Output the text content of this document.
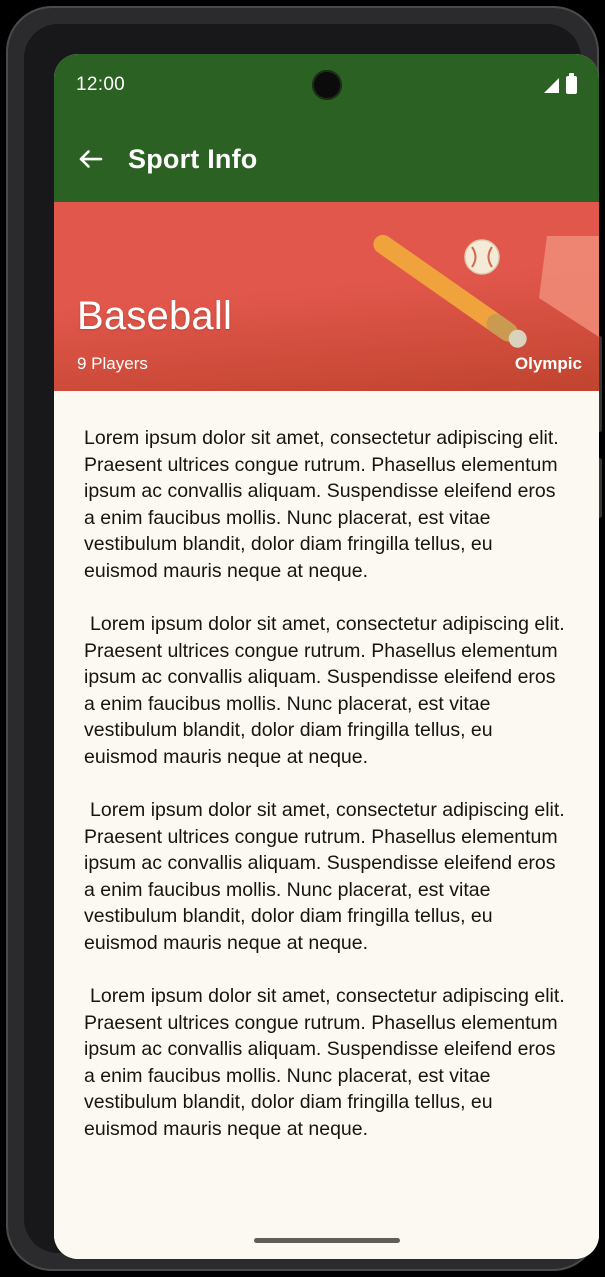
12:00
Sport Info
Baseball
9 Players	Olympic

Lorem ipsum dolor sit amet, consectetur adipiscing elit. Praesent ultrices congue rutrum. Phasellus elementum ipsum ac convallis aliquam. Suspendisse eleifend eros a enim faucibus mollis. Nunc placerat, est vitae vestibulum blandit, dolor diam fringilla tellus, eu euismod mauris neque at neque.

Lorem ipsum dolor sit amet, consectetur adipiscing elit. Praesent ultrices congue rutrum. Phasellus elementum ipsum ac convallis aliquam. Suspendisse eleifend eros a enim faucibus mollis. Nunc placerat, est vitae vestibulum blandit, dolor diam fringilla tellus, eu euismod mauris neque at neque.

Lorem ipsum dolor sit amet, consectetur adipiscing elit. Praesent ultrices congue rutrum. Phasellus elementum ipsum ac convallis aliquam. Suspendisse eleifend eros a enim faucibus mollis. Nunc placerat, est vitae vestibulum blandit, dolor diam fringilla tellus, eu euismod mauris neque at neque.

Lorem ipsum dolor sit amet, consectetur adipiscing elit. Praesent ultrices congue rutrum. Phasellus elementum ipsum ac convallis aliquam. Suspendisse eleifend eros a enim faucibus mollis. Nunc placerat, est vitae vestibulum blandit, dolor diam fringilla tellus, eu euismod mauris neque at neque.
